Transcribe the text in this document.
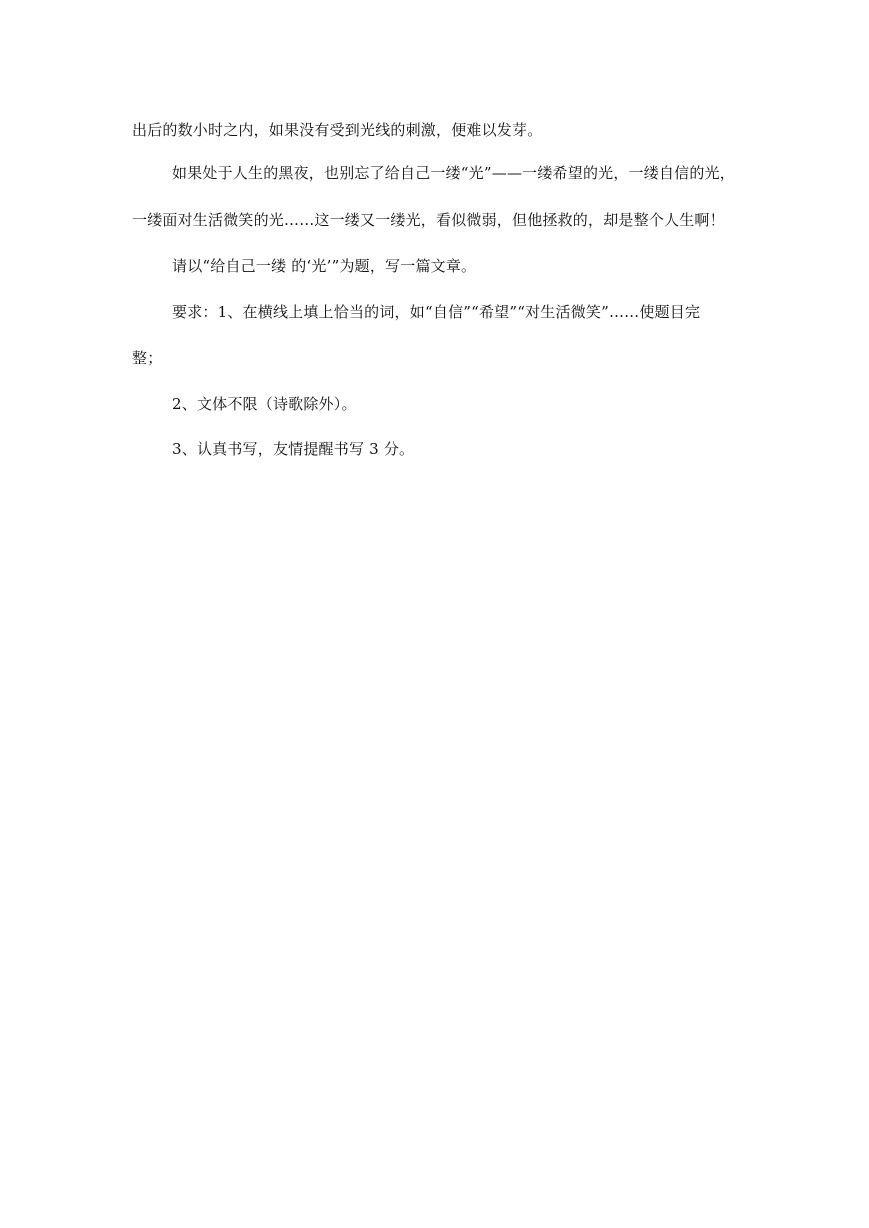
出后的数小时之内，如果没有受到光线的刺激，便难以发芽。
如果处于人生的黑夜，也别忘了给自己一缕“光”——一缕希望的光，一缕自信的光，
一缕面对生活微笑的光……这一缕又一缕光，看似微弱，但他拯救的，却是整个人生啊！
请以“给自己一缕 的‘光’”为题，写一篇文章。
要求：1、在横线上填上恰当的词，如“自信”“希望”“对生活微笑”……使题目完
整；
2、文体不限（诗歌除外）。
3、认真书写，友情提醒书写 3 分。
